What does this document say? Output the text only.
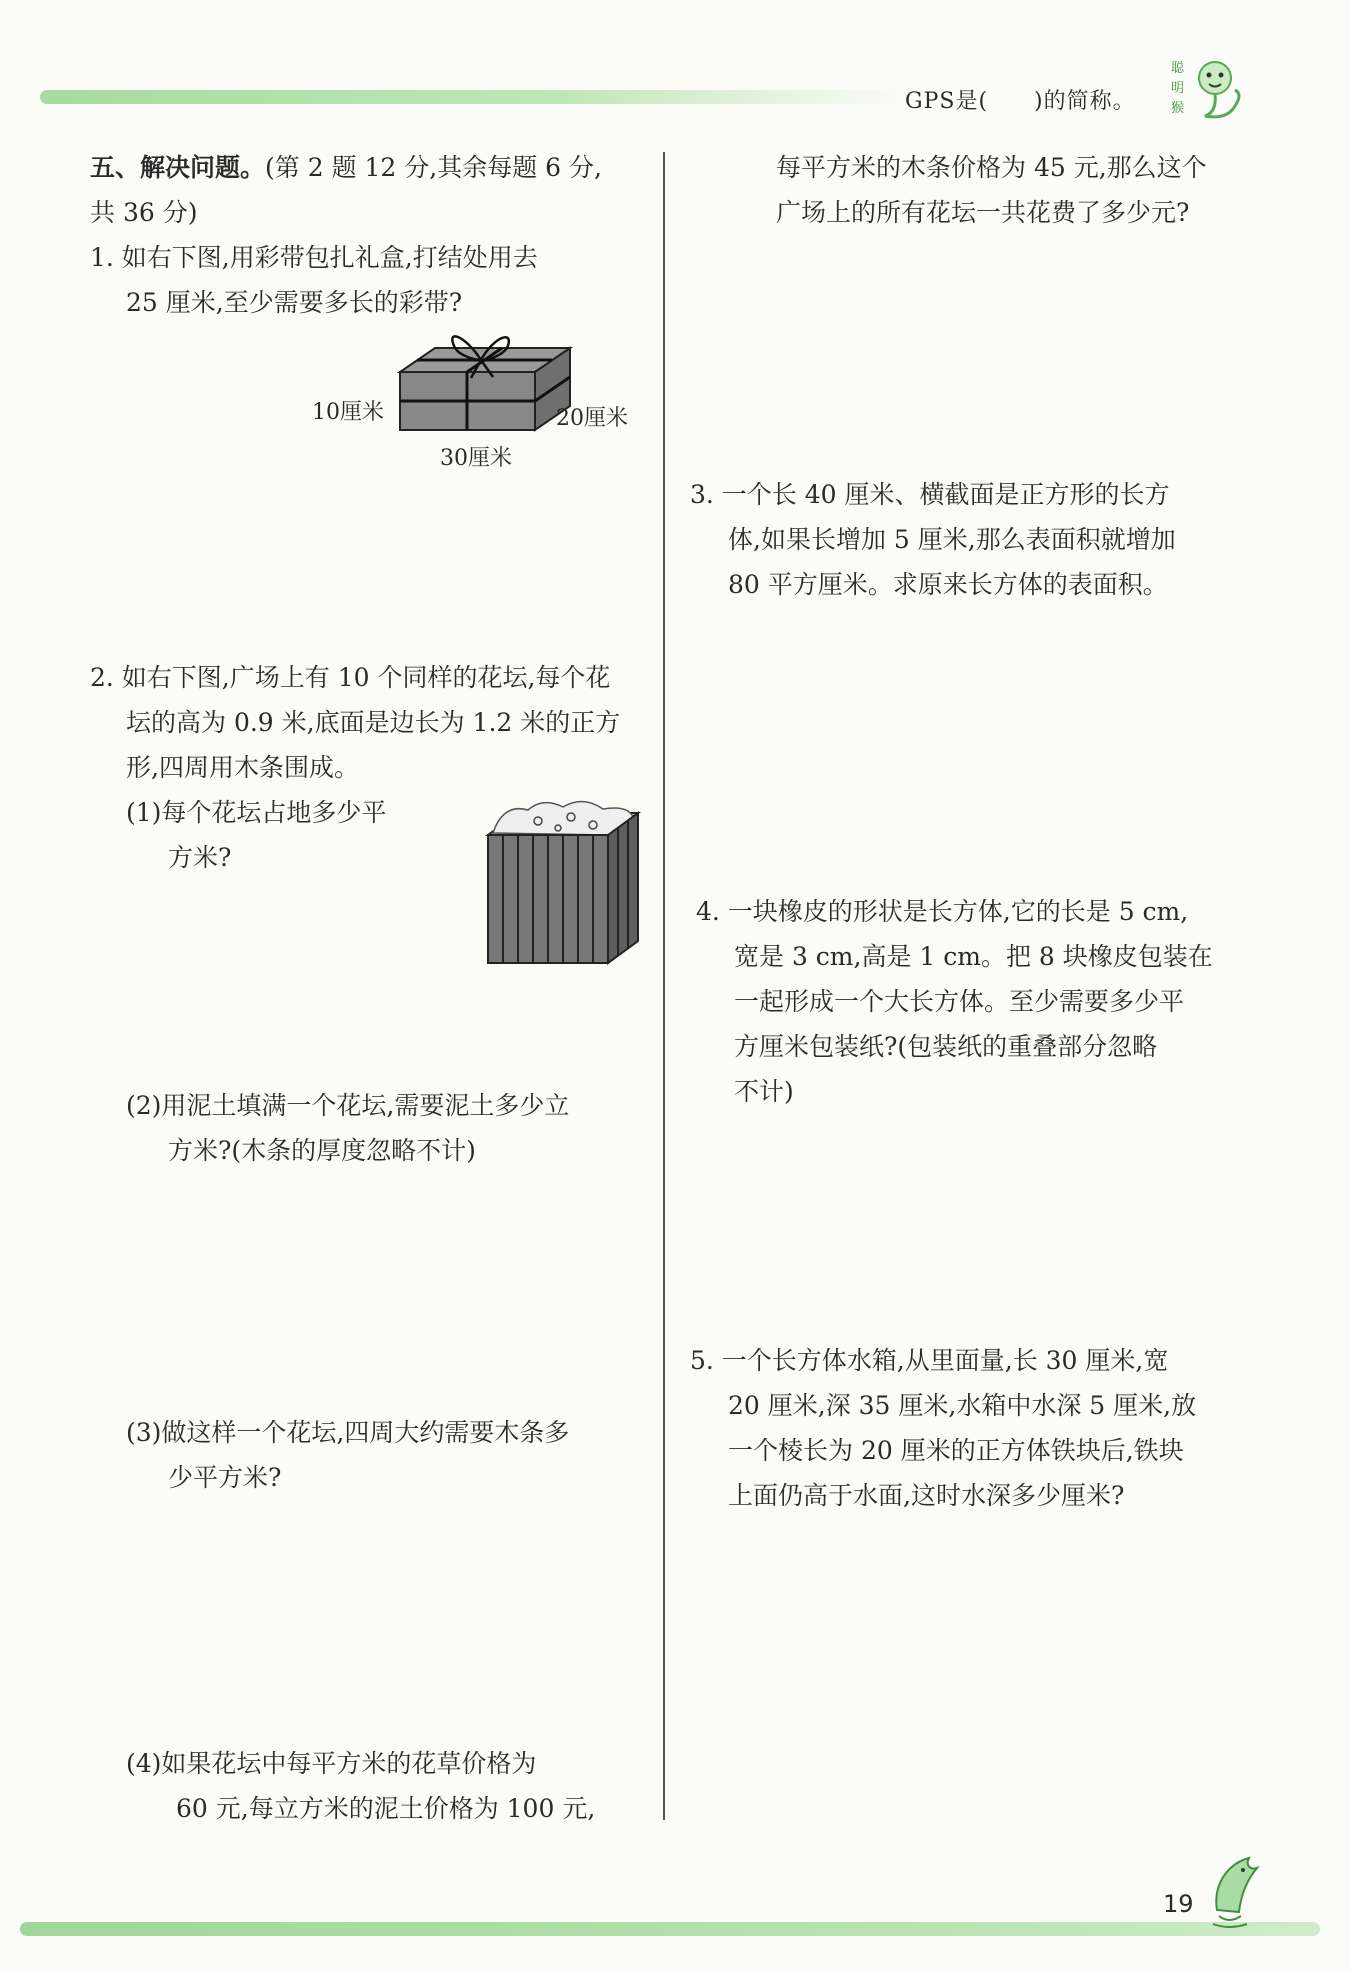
GPS是( )的简称。
聪
明
猴
五、解决问题。(第 2 题 12 分,其余每题 6 分,
共 36 分)
1. 如右下图,用彩带包扎礼盒,打结处用去
25 厘米,至少需要多长的彩带?
10厘米	20厘米
30厘米
2. 如右下图,广场上有 10 个同样的花坛,每个花
坛的高为 0.9 米,底面是边长为 1.2 米的正方
形,四周用木条围成。
(1)每个花坛占地多少平
方米?
(2)用泥土填满一个花坛,需要泥土多少立
方米?(木条的厚度忽略不计)
(3)做这样一个花坛,四周大约需要木条多
少平方米?
(4)如果花坛中每平方米的花草价格为
60 元,每立方米的泥土价格为 100 元,
每平方米的木条价格为 45 元,那么这个
广场上的所有花坛一共花费了多少元?
3. 一个长 40 厘米、横截面是正方形的长方
体,如果长增加 5 厘米,那么表面积就增加
80 平方厘米。求原来长方体的表面积。
4. 一块橡皮的形状是长方体,它的长是 5 cm,
宽是 3 cm,高是 1 cm。把 8 块橡皮包装在
一起形成一个大长方体。至少需要多少平
方厘米包装纸?(包装纸的重叠部分忽略
不计)
5. 一个长方体水箱,从里面量,长 30 厘米,宽
20 厘米,深 35 厘米,水箱中水深 5 厘米,放
一个棱长为 20 厘米的正方体铁块后,铁块
上面仍高于水面,这时水深多少厘米?
19
